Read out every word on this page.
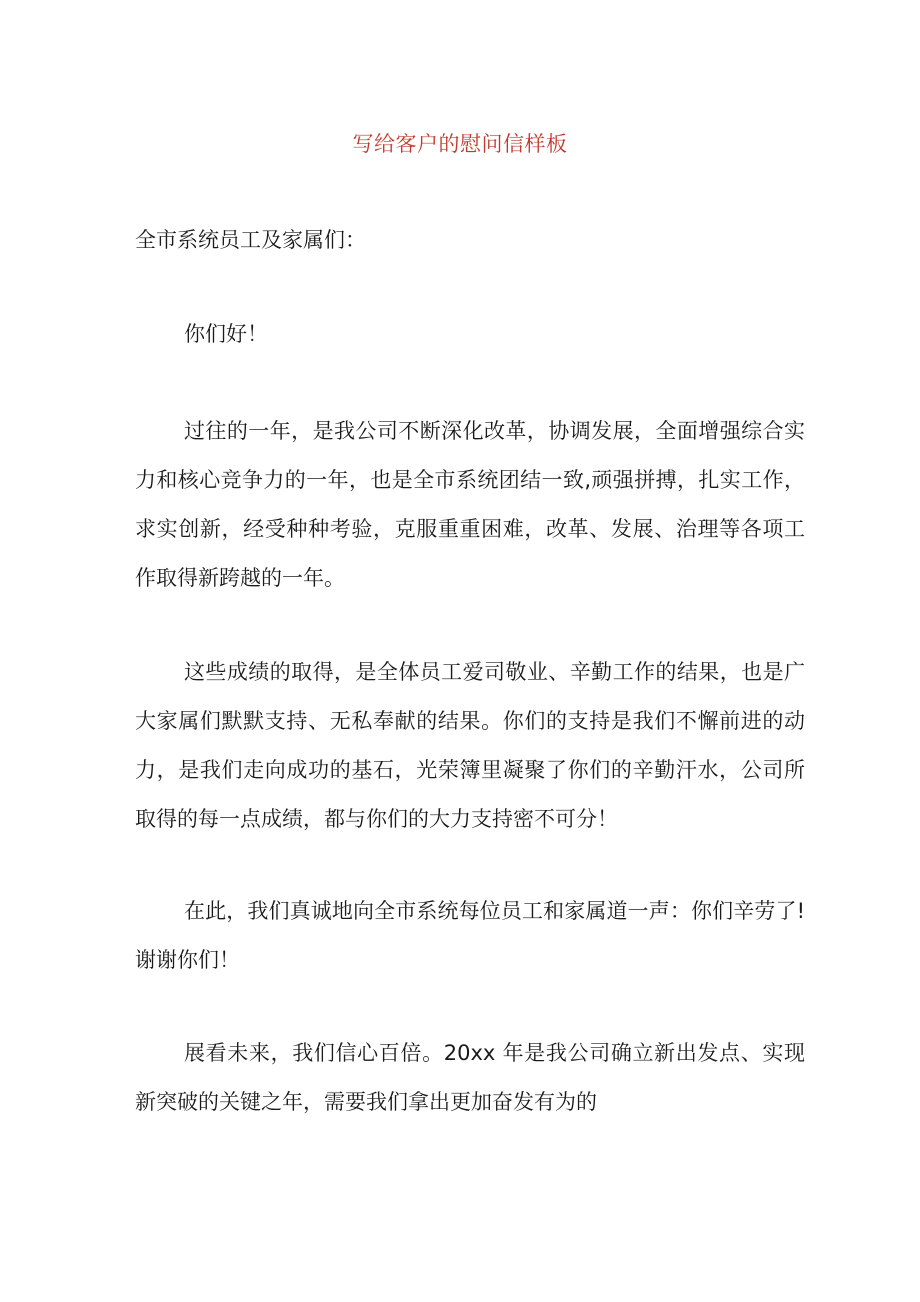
写给客户的慰问信样板
全市系统员工及家属们：

你们好！

过往的一年，是我公司不断深化改革，协调发展，全面增强综合实力和核心竞争力的一年，也是全市系统团结一致,顽强拼搏，扎实工作，求实创新，经受种种考验，克服重重困难，改革、发展、治理等各项工作取得新跨越的一年。

这些成绩的取得，是全体员工爱司敬业、辛勤工作的结果，也是广大家属们默默支持、无私奉献的结果。你们的支持是我们不懈前进的动力，是我们走向成功的基石，光荣簿里凝聚了你们的辛勤汗水，公司所取得的每一点成绩，都与你们的大力支持密不可分！

在此，我们真诚地向全市系统每位员工和家属道一声：你们辛劳了!谢谢你们！

展看未来，我们信心百倍。20xx 年是我公司确立新出发点、实现新突破的关键之年，需要我们拿出更加奋发有为的
